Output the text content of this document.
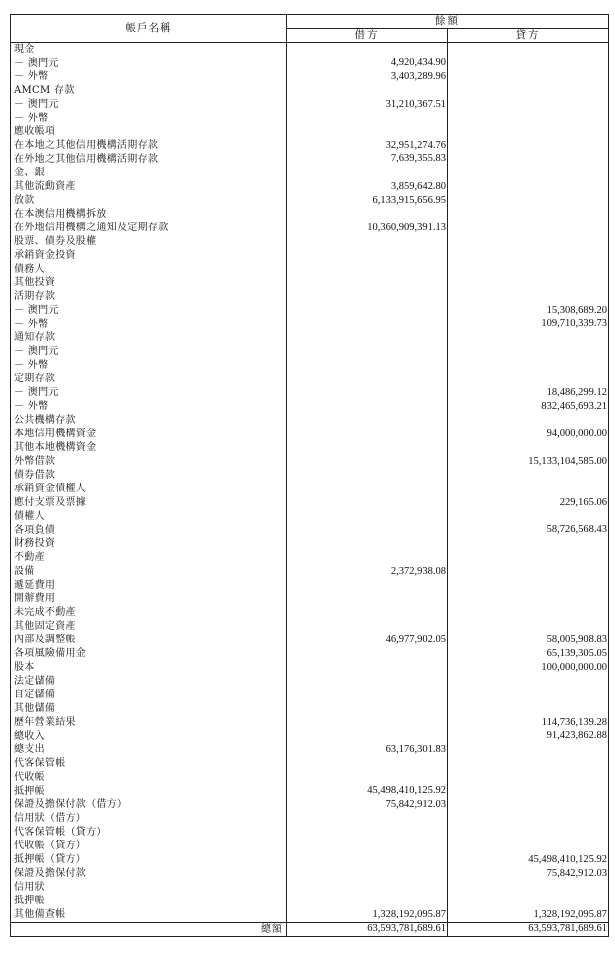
帳戶名稱	餘額	
	借方	貸方
現金		
－ 澳門元	4,920,434.90	
－ 外幣	3,403,289.96	
AMCM 存款		
－ 澳門元	31,210,367.51	
－ 外幣		
應收帳項		
在本地之其他信用機構活期存款	32,951,274.76	
在外地之其他信用機構活期存款	7,639,355.83	
金、銀		
其他流動資產	3,859,642.80	
放款	6,133,915,656.95	
在本澳信用機構拆放		
在外地信用機構之通知及定期存款	10,360,909,391.13	
股票、債券及股權		
承銷資金投資		
債務人		
其他投資		
活期存款		
－ 澳門元		15,308,689.20
－ 外幣		109,710,339.73
通知存款		
－ 澳門元		
－ 外幣		
定期存款		
－ 澳門元		18,486,299.12
－ 外幣		832,465,693.21
公共機構存款		
本地信用機構資金		94,000,000.00
其他本地機構資金		
外幣借款		15,133,104,585.00
債券借款		
承銷資金債權人		
應付支票及票據		229,165.06
債權人		
各項負債		58,726,568.43
財務投資		
不動產		
設備	2,372,938.08	
遞延費用		
開辦費用		
未完成不動產		
其他固定資產		
內部及調整帳	46,977,902.05	58,005,908.83
各項風險備用金		65,139,305.05
股本		100,000,000.00
法定儲備		
自定儲備		
其他儲備		
歷年營業結果		114,736,139.28
總收入		91,423,862.88
總支出	63,176,301.83	
代客保管帳		
代收帳		
抵押帳	45,498,410,125.92	
保證及擔保付款（借方）	75,842,912.03	
信用狀（借方）		
代客保管帳（貸方）		
代收帳（貸方）		
抵押帳（貸方）		45,498,410,125.92
保證及擔保付款		75,842,912.03
信用狀		
抵押帳		
其他備查帳	1,328,192,095.87	1,328,192,095.87
總額	63,593,781,689.61	63,593,781,689.61
